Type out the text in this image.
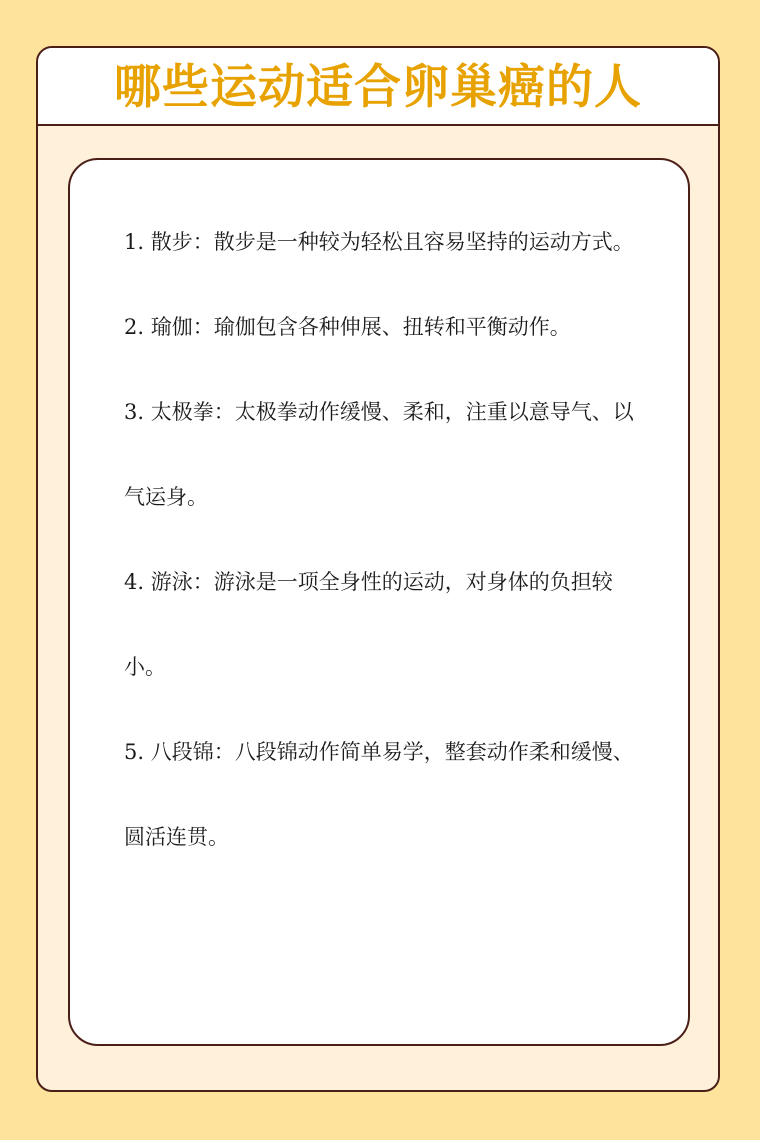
哪些运动适合卵巢癌的人
1. 散步：散步是一种较为轻松且容易坚持的运动方式。
2. 瑜伽：瑜伽包含各种伸展、扭转和平衡动作。
3. 太极拳：太极拳动作缓慢、柔和，注重以意导气、以气运身。
4. 游泳：游泳是一项全身性的运动，对身体的负担较小。
5. 八段锦：八段锦动作简单易学，整套动作柔和缓慢、圆活连贯。
